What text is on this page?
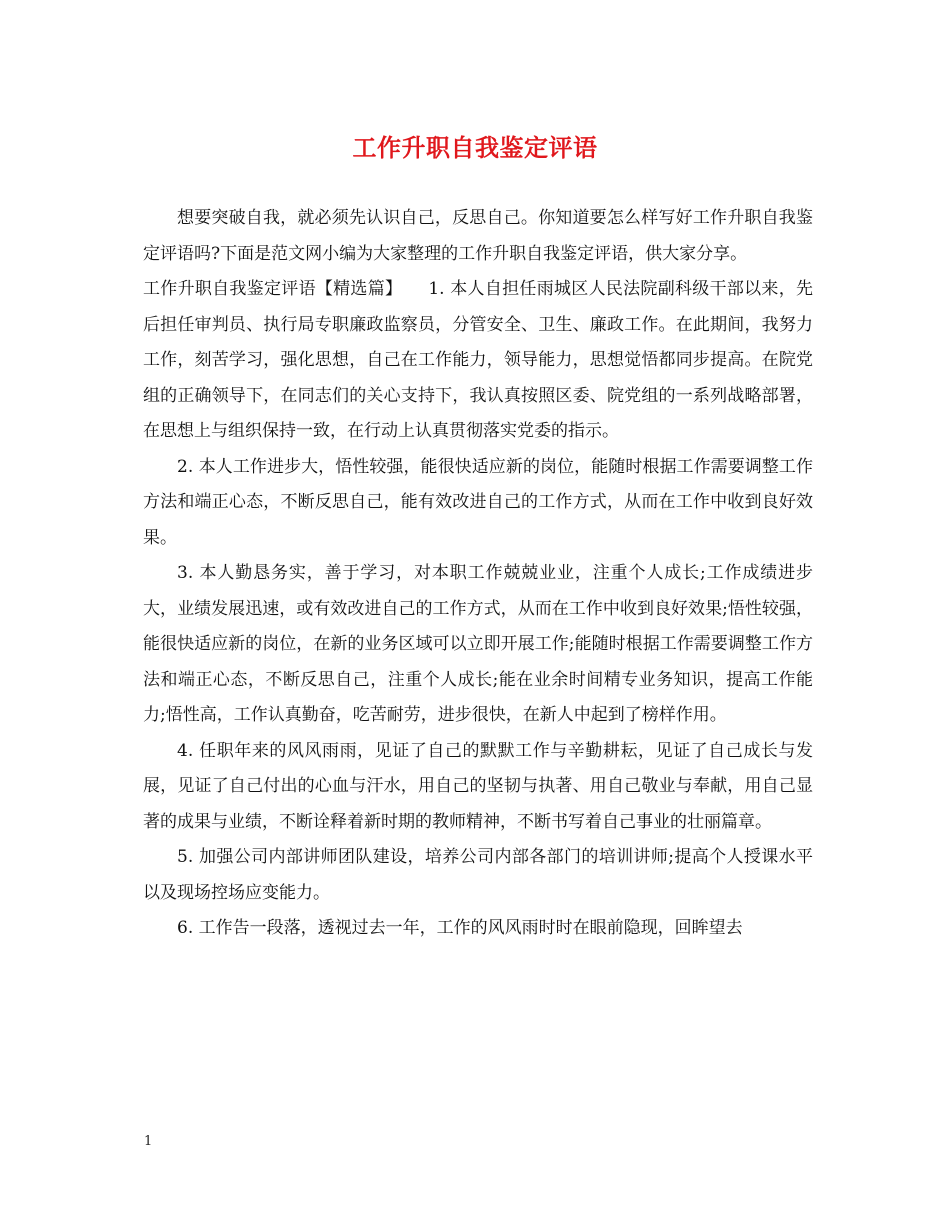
工作升职自我鉴定评语

想要突破自我，就必须先认识自己，反思自己。你知道要怎么样写好工作升职自我鉴定评语吗?下面是范文网小编为大家整理的工作升职自我鉴定评语，供大家分享。

工作升职自我鉴定评语【精选篇】　　1. 本人自担任雨城区人民法院副科级干部以来，先后担任审判员、执行局专职廉政监察员，分管安全、卫生、廉政工作。在此期间，我努力工作，刻苦学习，强化思想，自己在工作能力，领导能力，思想觉悟都同步提高。在院党组的正确领导下，在同志们的关心支持下，我认真按照区委、院党组的一系列战略部署，在思想上与组织保持一致，在行动上认真贯彻落实党委的指示。

2. 本人工作进步大，悟性较强，能很快适应新的岗位，能随时根据工作需要调整工作方法和端正心态，不断反思自己，能有效改进自己的工作方式，从而在工作中收到良好效果。

3. 本人勤恳务实，善于学习，对本职工作兢兢业业，注重个人成长;工作成绩进步大，业绩发展迅速，或有效改进自己的工作方式，从而在工作中收到良好效果;悟性较强，能很快适应新的岗位，在新的业务区域可以立即开展工作;能随时根据工作需要调整工作方法和端正心态，不断反思自己，注重个人成长;能在业余时间精专业务知识，提高工作能力;悟性高，工作认真勤奋，吃苦耐劳，进步很快，在新人中起到了榜样作用。

4. 任职年来的风风雨雨，见证了自己的默默工作与辛勤耕耘，见证了自己成长与发展，见证了自己付出的心血与汗水，用自己的坚韧与执著、用自己敬业与奉献，用自己显著的成果与业绩，不断诠释着新时期的教师精神，不断书写着自己事业的壮丽篇章。

5. 加强公司内部讲师团队建设，培养公司内部各部门的培训讲师;提高个人授课水平以及现场控场应变能力。

6. 工作告一段落，透视过去一年，工作的风风雨时时在眼前隐现，回眸望去

1
